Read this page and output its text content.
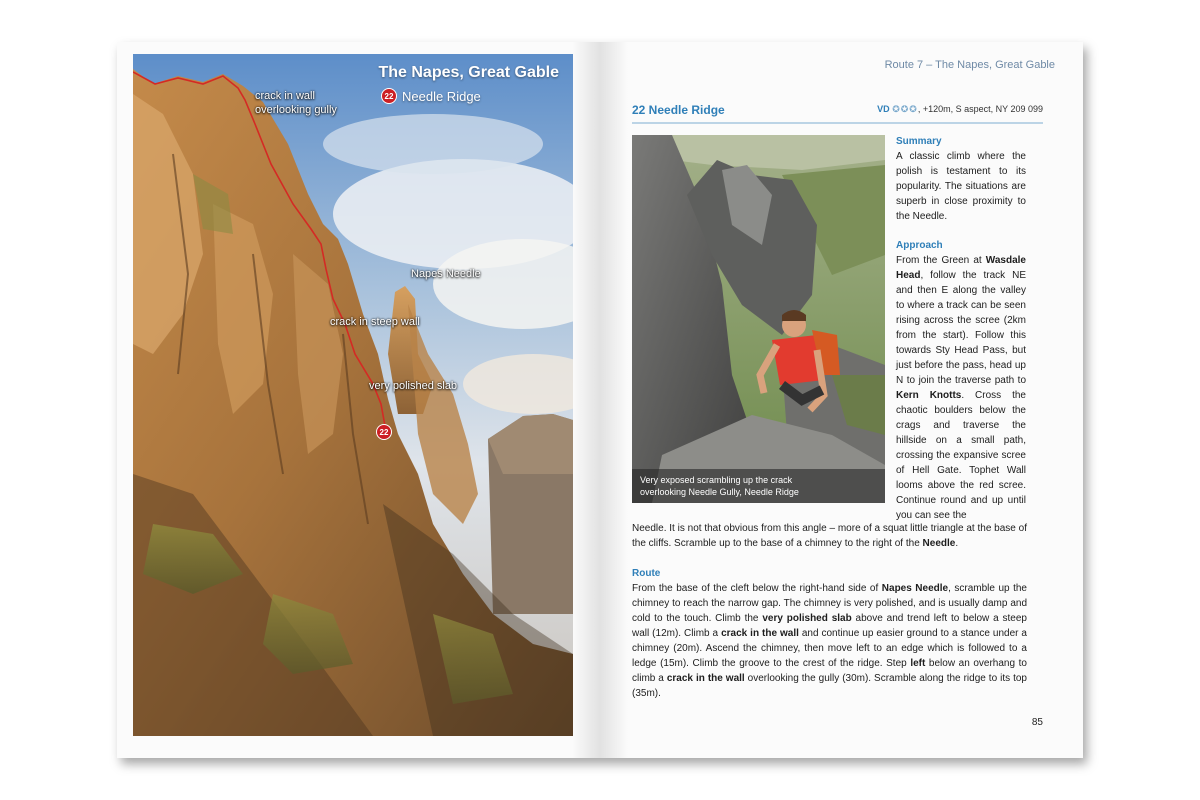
The Napes, Great Gable
22 Needle Ridge
crack in wall
overlooking gully
Napes Needle
crack in steep wall
very polished slab
22
Route 7 – The Napes, Great Gable
22 Needle Ridge	VD ✪✪✪, +120m, S aspect, NY 209 099
Very exposed scrambling up the crack
overlooking Needle Gully, Needle Ridge
Summary

A classic climb where the polish is testament to its popularity. The situations are superb in close proximity to the Needle.

Approach

From the Green at Wasdale Head, follow the track NE and then E along the valley to where a track can be seen rising across the scree (2km from the start). Follow this towards Sty Head Pass, but just before the pass, head up N to join the traverse path to Kern Knotts. Cross the chaotic boulders below the crags and traverse the hillside on a small path, crossing the expansive scree of Hell Gate. Tophet Wall looms above the red scree. Continue round and up until you can see the

Needle. It is not that obvious from this angle – more of a squat little triangle at the base of the cliffs. Scramble up to the base of a chimney to the right of the Needle.

Route

From the base of the cleft below the right-hand side of Napes Needle, scramble up the chimney to reach the narrow gap. The chimney is very polished, and is usually damp and cold to the touch. Climb the very polished slab above and trend left to below a steep wall (12m). Climb a crack in the wall and continue up easier ground to a stance under a chimney (20m). Ascend the chimney, then move left to an edge which is followed to a ledge (15m). Climb the groove to the crest of the ridge. Step left below an overhang to climb a crack in the wall overlooking the gully (30m). Scramble along the ridge to its top (35m).

85
